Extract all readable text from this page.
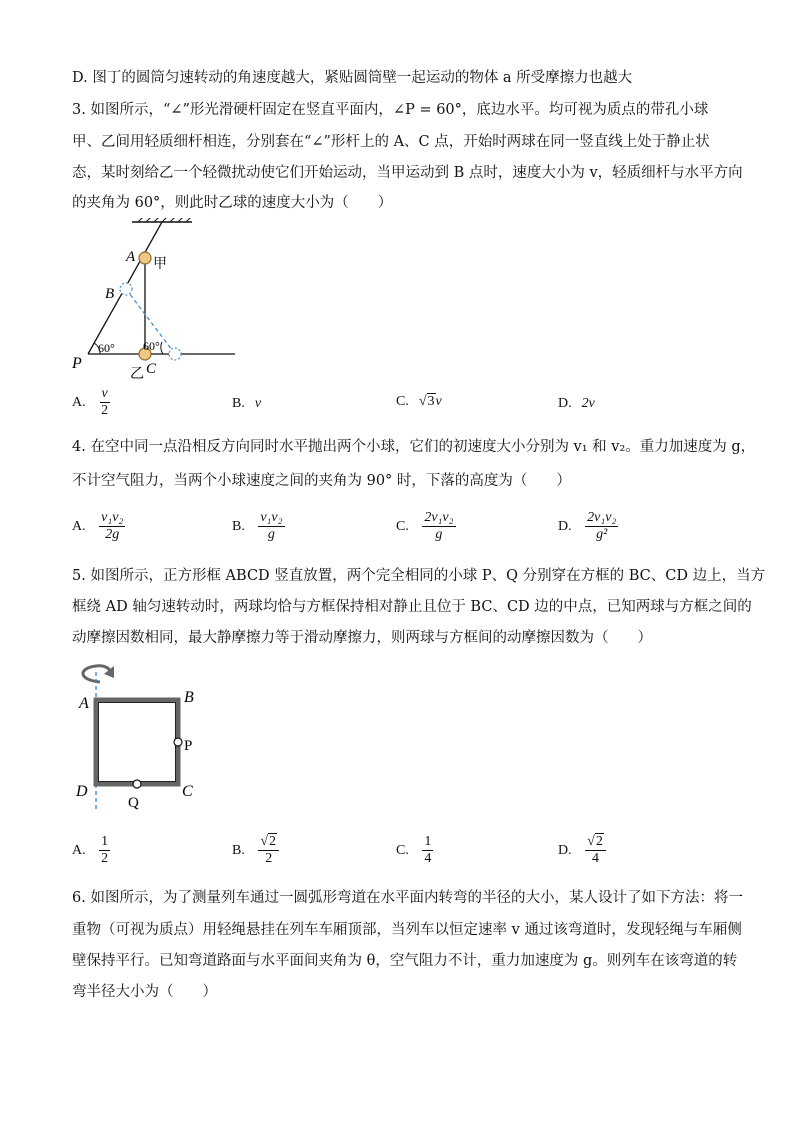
D. 图丁的圆筒匀速转动的角速度越大，紧贴圆筒壁一起运动的物体 a 所受摩擦力也越大
3. 如图所示，“∠”形光滑硬杆固定在竖直平面内，∠P = 60°，底边水平。均可视为质点的带孔小球
甲、乙间用轻质细杆相连，分别套在“∠”形杆上的 A、C 点，开始时两球在同一竖直线上处于静止状
态，某时刻给乙一个轻微扰动使它们开始运动，当甲运动到 B 点时，速度大小为 v，轻质细杆与水平方向
的夹角为 60°，则此时乙球的速度大小为（　　）
A 甲
B
P
60° 60°
乙 C
A. $\frac{v}{2}$	B. v	C. √3v	D. 2v
4. 在空中同一点沿相反方向同时水平抛出两个小球，它们的初速度大小分别为 v₁ 和 v₂。重力加速度为 g，
不计空气阻力，当两个小球速度之间的夹角为 90° 时，下落的高度为（　　）
A. $\frac{\text{v₁v₂}}{2g}$	B. $\frac{\text{v₁v₂}}{g}$	C. $\frac{\text{2v₁v₂}}{g}$	D. $\frac{\text{2v₁v₂}}{\text{g²}}$
5. 如图所示，正方形框 ABCD 竖直放置，两个完全相同的小球 P、Q 分别穿在方框的 BC、CD 边上，当方
框绕 AD 轴匀速转动时，两球均恰与方框保持相对静止且位于 BC、CD 边的中点，已知两球与方框之间的
动摩擦因数相同，最大静摩擦力等于滑动摩擦力，则两球与方框间的动摩擦因数为（　　）
A	B
P
D
Q
C
A. $\frac{1}{2}$	B. $\frac{√2}{2}$	C. $\frac{1}{4}$	D. $\frac{√2}{4}$
6. 如图所示，为了测量列车通过一圆弧形弯道在水平面内转弯的半径的大小，某人设计了如下方法：将一
重物（可视为质点）用轻绳悬挂在列车车厢顶部，当列车以恒定速率 v 通过该弯道时，发现轻绳与车厢侧
壁保持平行。已知弯道路面与水平面间夹角为 θ，空气阻力不计，重力加速度为 g。则列车在该弯道的转
弯半径大小为（　　）
